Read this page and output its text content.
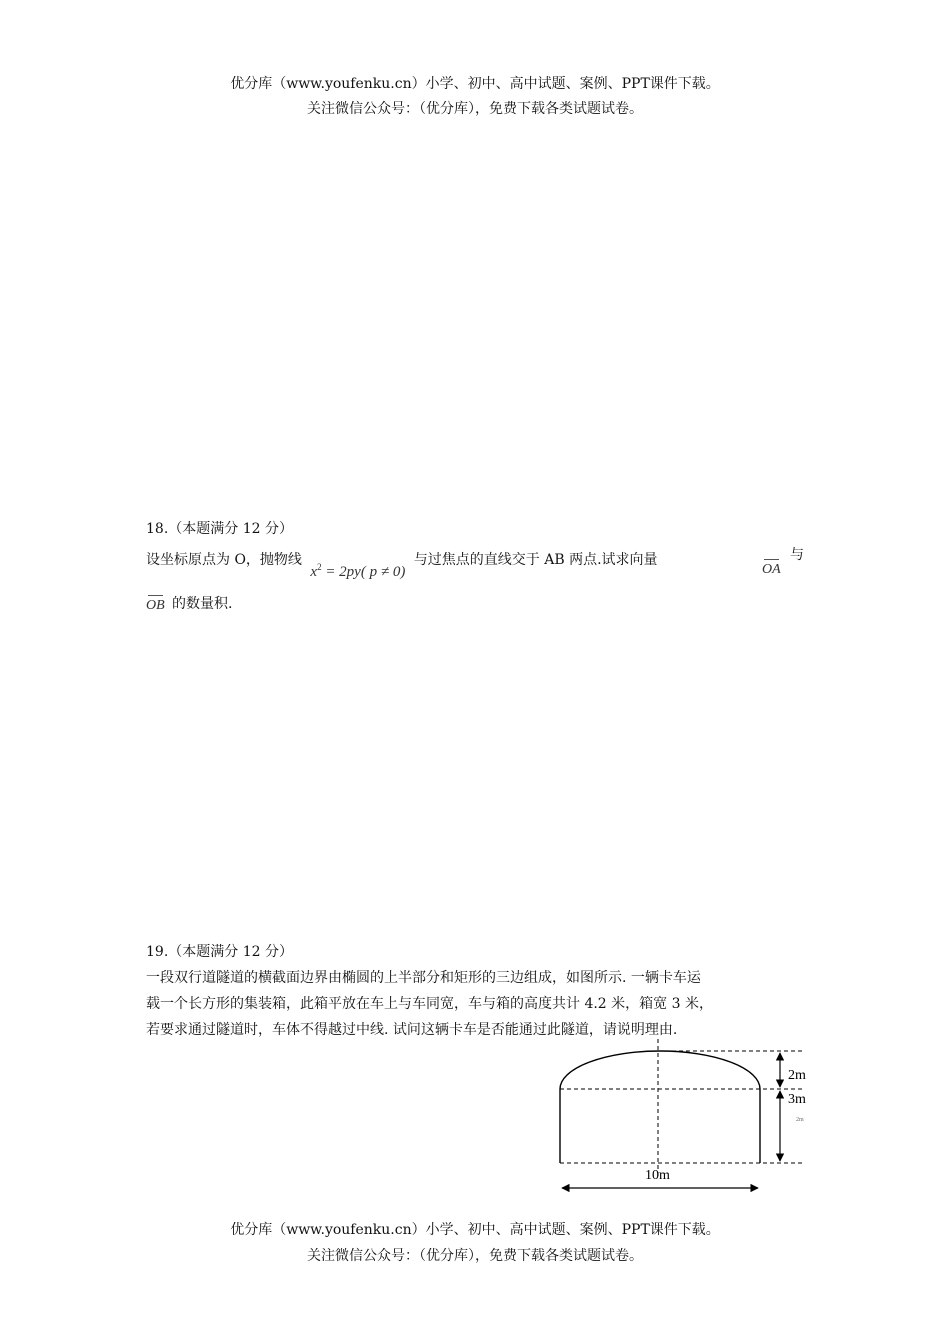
优分库（www.youfenku.cn）小学、初中、高中试题、案例、PPT课件下载。
关注微信公众号：（优分库），免费下载各类试题试卷。
18.（本题满分 12 分）
设坐标原点为 O，抛物线 $x^2 = 2py$( p ≠ 0) 与过焦点的直线交于 AB 两点.试求向量
OA
与
OB 的数量积.
19.（本题满分 12 分）
一段双行道隧道的横截面边界由椭圆的上半部分和矩形的三边组成，如图所示. 一辆卡车运
载一个长方形的集装箱，此箱平放在车上与车同宽，车与箱的高度共计 4.2 米，箱宽 3 米，
若要求通过隧道时，车体不得越过中线. 试问这辆卡车是否能通过此隧道，请说明理由.
2m
3m
2m
10m
优分库（www.youfenku.cn）小学、初中、高中试题、案例、PPT课件下载。
关注微信公众号：（优分库），免费下载各类试题试卷。
